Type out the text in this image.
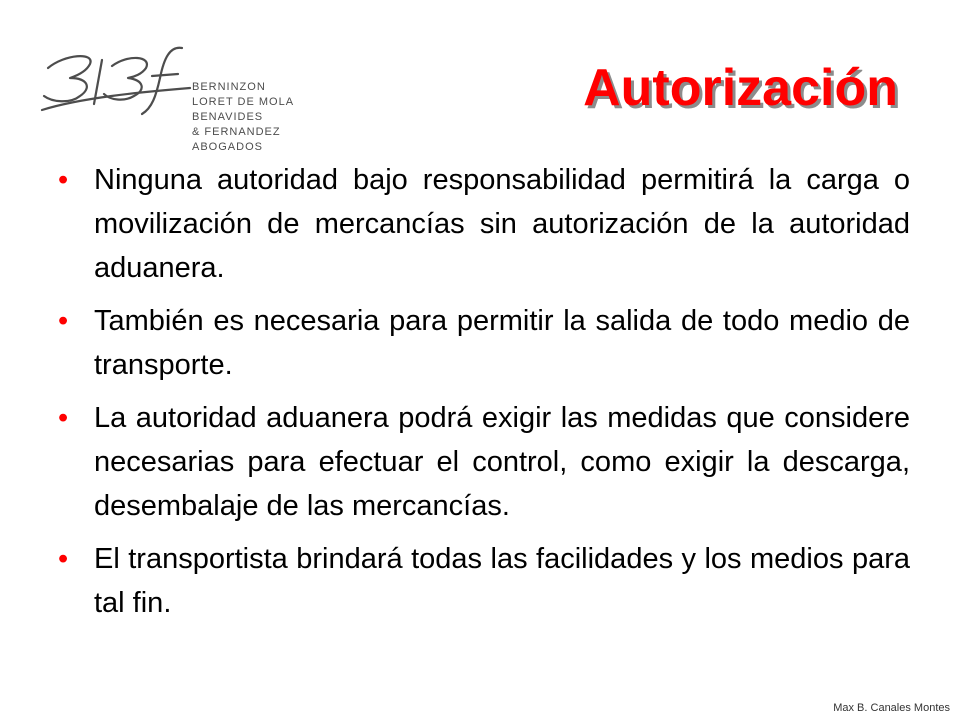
BERNINZON
LORET DE MOLA
BENAVIDES
& FERNANDEZ
ABOGADOS
Autorización
• Ninguna autoridad bajo responsabilidad permitirá la carga o movilización de mercancías sin autorización de la autoridad aduanera.
• También es necesaria para permitir la salida de todo medio de transporte.
• La autoridad aduanera podrá exigir las medidas que considere necesarias para efectuar el control, como exigir la descarga, desembalaje de las mercancías.
• El transportista brindará todas las facilidades y los medios para tal fin.
Max B. Canales Montes
